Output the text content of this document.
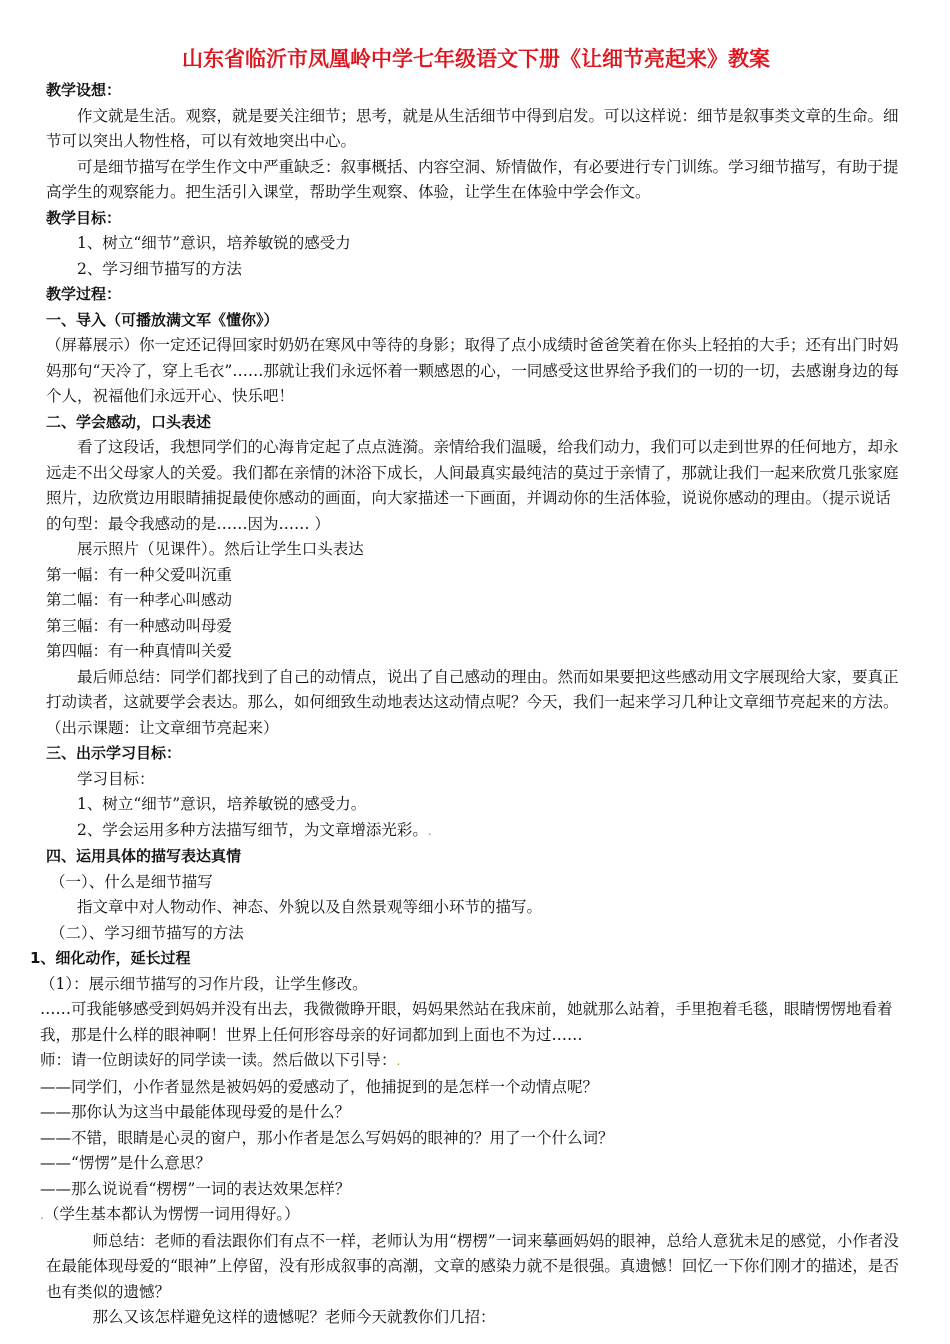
山东省临沂市凤凰岭中学七年级语文下册《让细节亮起来》教案

教学设想：

作文就是生活。观察，就是要关注细节；思考，就是从生活细节中得到启发。可以这样说：细节是叙事类文章的生命。细节可以突出人物性格，可以有效地突出中心。

可是细节描写在学生作文中严重缺乏：叙事概括、内容空洞、矫情做作，有必要进行专门训练。学习细节描写，有助于提高学生的观察能力。把生活引入课堂，帮助学生观察、体验，让学生在体验中学会作文。

教学目标：

1、树立“细节”意识，培养敏锐的感受力

2、学习细节描写的方法

教学过程：

一、导入（可播放满文军《懂你》）

（屏幕展示）你一定还记得回家时奶奶在寒风中等待的身影；取得了点小成绩时爸爸笑着在你头上轻拍的大手；还有出门时妈妈那句“天冷了，穿上毛衣”……那就让我们永远怀着一颗感恩的心，一同感受这世界给予我们的一切的一切，去感谢身边的每个人，祝福他们永远开心、快乐吧！

二、学会感动，口头表述

看了这段话，我想同学们的心海肯定起了点点涟漪。亲情给我们温暖，给我们动力，我们可以走到世界的任何地方，却永远走不出父母家人的关爱。我们都在亲情的沐浴下成长，人间最真实最纯洁的莫过于亲情了，那就让我们一起来欣赏几张家庭照片，边欣赏边用眼睛捕捉最使你感动的画面，向大家描述一下画面，并调动你的生活体验，说说你感动的理由。（提示说话的句型：最令我感动的是……因为…… ）

展示照片（见课件）。然后让学生口头表达

第一幅：有一种父爱叫沉重

第二幅：有一种孝心叫感动

第三幅：有一种感动叫母爱

第四幅：有一种真情叫关爱

最后师总结：同学们都找到了自己的动情点，说出了自己感动的理由。然而如果要把这些感动用文字展现给大家，要真正打动读者，这就要学会表达。那么，如何细致生动地表达这动情点呢？今天，我们一起来学习几种让文章细节亮起来的方法。（出示课题：让文章细节亮起来）

三、出示学习目标：

学习目标：

1、树立“细节”意识，培养敏锐的感受力。

2、学会运用多种方法描写细节，为文章增添光彩。.

四、运用具体的描写表达真情

（一）、什么是细节描写

指文章中对人物动作、神态、外貌以及自然景观等细小环节的描写。

（二）、学习细节描写的方法

1、细化动作，延长过程

（1）：展示细节描写的习作片段，让学生修改。

……可我能够感受到妈妈并没有出去，我微微睁开眼，妈妈果然站在我床前，她就那么站着，手里抱着毛毯，眼睛愣愣地看着我，那是什么样的眼神啊！世界上任何形容母亲的好词都加到上面也不为过……

师：请一位朗读好的同学读一读。然后做以下引导：.

——同学们，小作者显然是被妈妈的爱感动了，他捕捉到的是怎样一个动情点呢？

——那你认为这当中最能体现母爱的是什么？

——不错，眼睛是心灵的窗户，那小作者是怎么写妈妈的眼神的？用了一个什么词？

——“愣愣”是什么意思？

——那么说说看“楞楞”一词的表达效果怎样？

.（学生基本都认为愣愣一词用得好。）

师总结：老师的看法跟你们有点不一样，老师认为用“楞楞”一词来摹画妈妈的眼神，总给人意犹未足的感觉，小作者没在最能体现母爱的“眼神”上停留，没有形成叙事的高潮，文章的感染力就不是很强。真遗憾！回忆一下你们刚才的描述，是否也有类似的遗憾？

那么又该怎样避免这样的遗憾呢？老师今天就教你们几招：
